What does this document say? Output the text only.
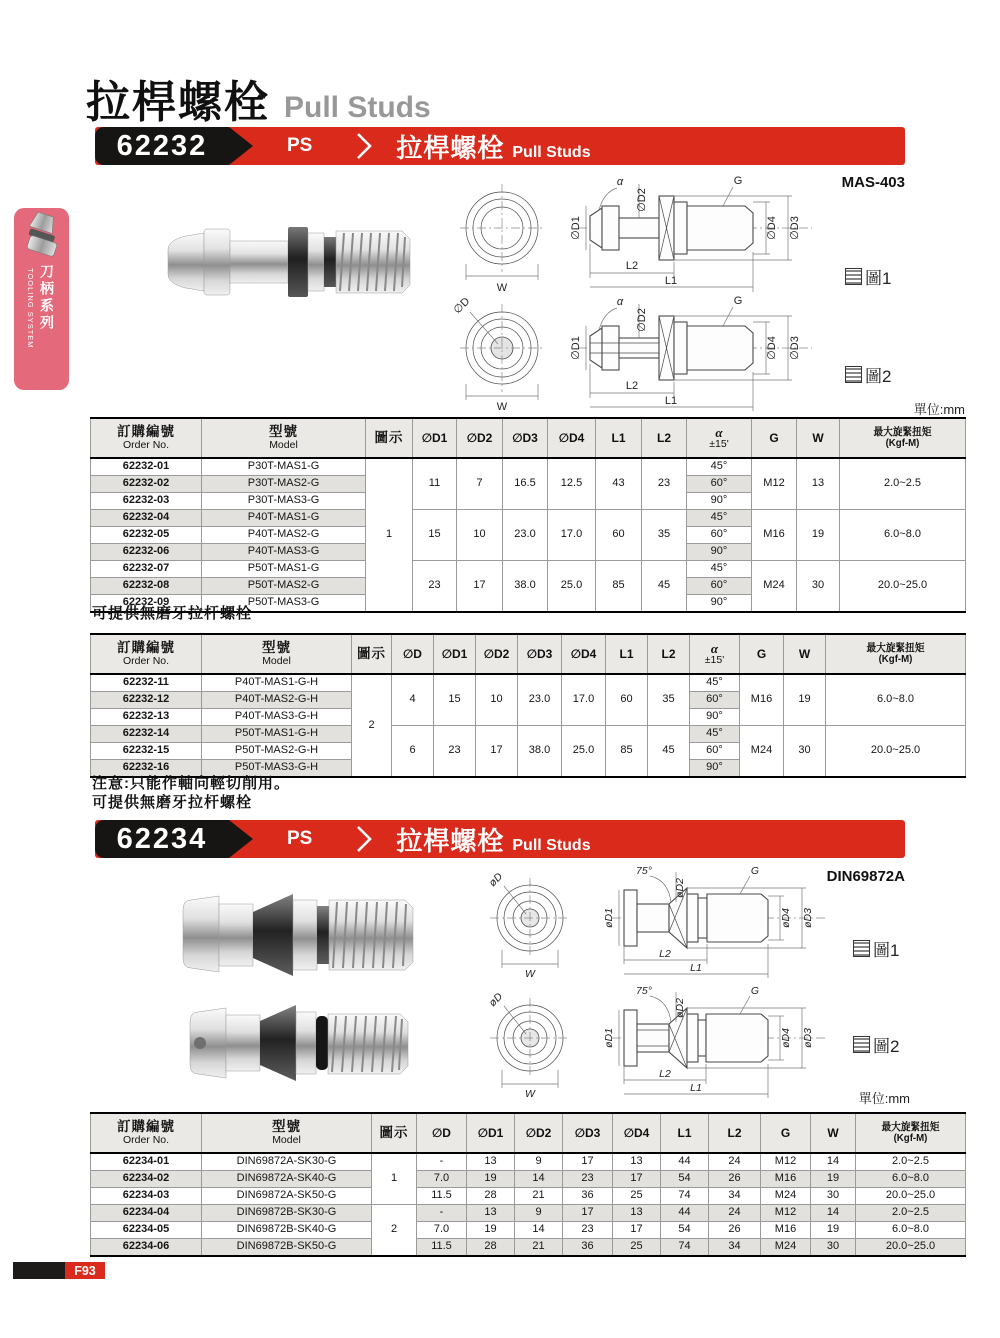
TOOLING SYSTEM 刀柄系列
拉桿螺栓 Pull Studs
62232	PS	拉桿螺栓 Pull Studs
MAS-403
W
α
∅D2
G
∅D1	∅D4 ∅D3
L2
L1	圖1
∅D
W
α
∅D2
G
∅D1	∅D4 ∅D3
L2
L1
圖2
單位:mm
訂購編號
Order No.

型號
Model	圖示	∅D1	∅D2	∅D3	∅D4	L1	L2	α
±15'	G	W	最大旋緊扭矩
(Kgf-M)

62232-01	P30T-MAS1-G	1	11	7	16.5	12.5	43	23	45°	M12	13	2.0~2.5
62232-02	P30T-MAS2-G								60°			
62232-03	P30T-MAS3-G								90°			
62232-04	P40T-MAS1-G		15	10	23.0	17.0	60	35	45°	M16	19	6.0~8.0
62232-05	P40T-MAS2-G								60°			
62232-06	P40T-MAS3-G								90°			
62232-07	P50T-MAS1-G		23	17	38.0	25.0	85	45	45°	M24	30	20.0~25.0
62232-08	P50T-MAS2-G								60°			
62232-09	P50T-MAS3-G								90°			
可提供無磨牙拉杆螺栓
訂購編號
Order No.

型號
Model	圖示	∅D	∅D1	∅D2	∅D3	∅D4	L1	L2	α
±15'	G	W	最大旋緊扭矩
(Kgf-M)

62232-11	P40T-MAS1-G-H	2	4	15	10	23.0	17.0	60	35	45°	M16	19	6.0~8.0
62232-12	P40T-MAS2-G-H									60°			
62232-13	P40T-MAS3-G-H									90°			
62232-14	P50T-MAS1-G-H		6	23	17	38.0	25.0	85	45	45°	M24	30	20.0~25.0
62232-15	P50T-MAS2-G-H									60°			
62232-16	P50T-MAS3-G-H									90°			
注意:只能作軸向輕切削用。
可提供無磨牙拉杆螺栓
62234	PS	拉桿螺栓 Pull Studs
DIN69872A
øD
W
75°
øD2
G
øD1	øD4 øD3
L2
L1
圖1
øD
W
75°
øD2
G
øD1	øD4 øD3
L2
L1
圖2
單位:mm
訂購編號
Order No.

型號
Model	圖示	∅D	∅D1	∅D2	∅D3	∅D4	L1	L2	G	W	最大旋緊扭矩
(Kgf-M)

62234-01	DIN69872A-SK30-G	1	-	13	9	17	13	44	24	M12	14	2.0~2.5
62234-02	DIN69872A-SK40-G		7.0	19	14	23	17	54	26	M16	19	6.0~8.0
62234-03	DIN69872A-SK50-G		11.5	28	21	36	25	74	34	M24	30	20.0~25.0
62234-04	DIN69872B-SK30-G	2	-	13	9	17	13	44	24	M12	14	2.0~2.5
62234-05	DIN69872B-SK40-G		7.0	19	14	23	17	54	26	M16	19	6.0~8.0
62234-06	DIN69872B-SK50-G		11.5	28	21	36	25	74	34	M24	30	20.0~25.0
F93
